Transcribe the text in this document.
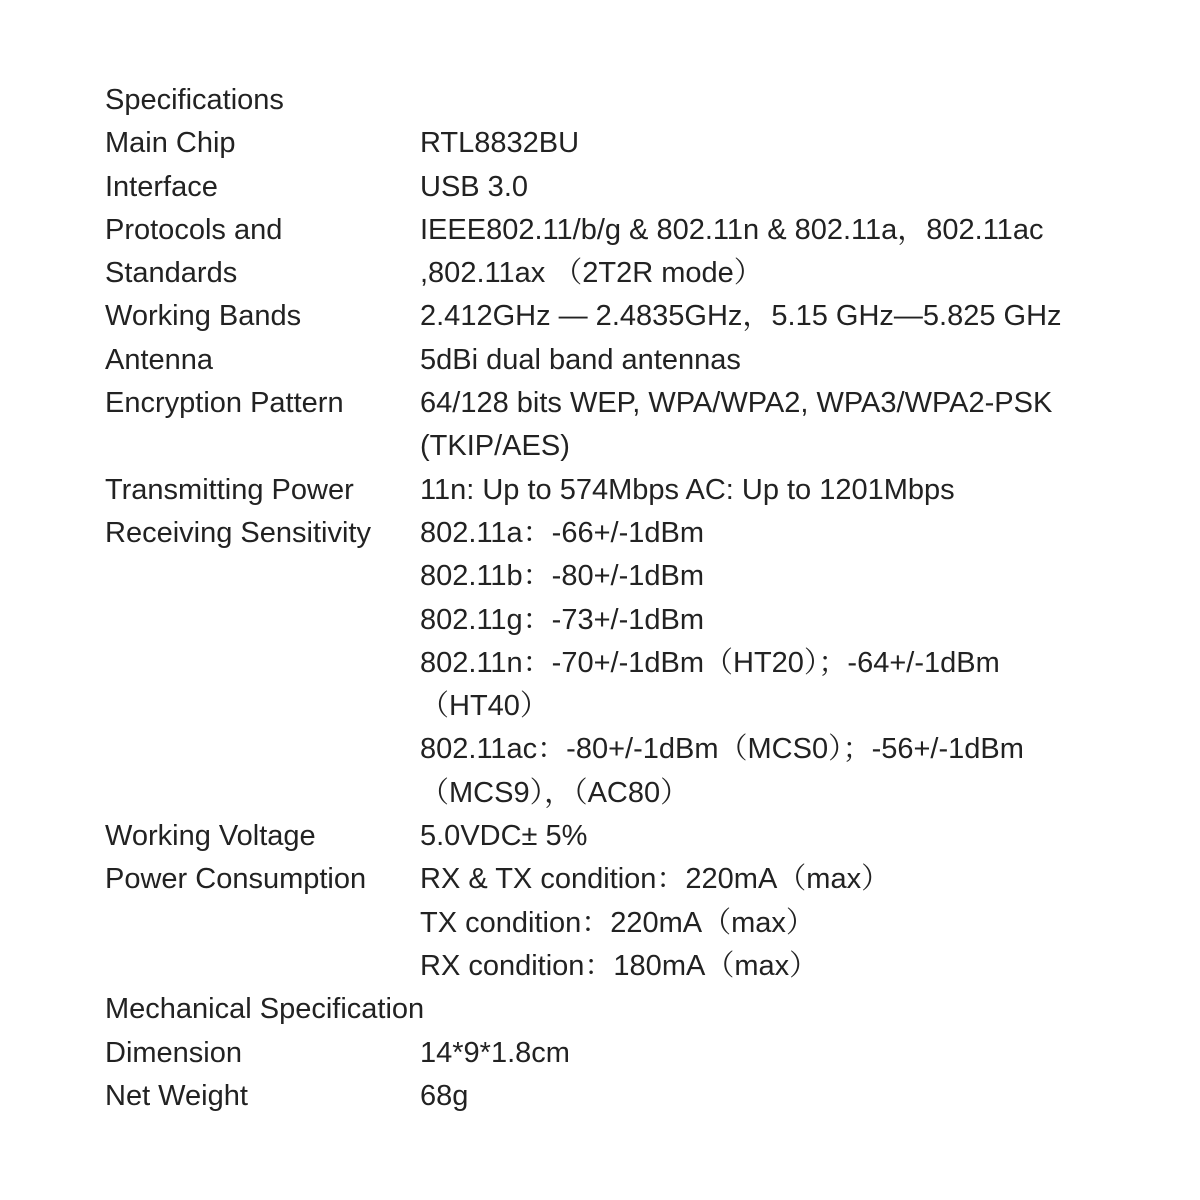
Specifications
Main Chip	RTL8832BU
Interface	USB 3.0
Protocols and	IEEE802.11/b/g & 802.11n & 802.11a，802.11ac
Standards	,802.11ax （2T2R mode）
Working Bands	2.412GHz — 2.4835GHz，5.15 GHz—5.825 GHz
Antenna	5dBi dual band antennas
Encryption Pattern	64/128 bits WEP, WPA/WPA2, WPA3/WPA2-PSK
(TKIP/AES)
Transmitting Power	11n: Up to 574Mbps AC: Up to 1201Mbps
Receiving Sensitivity	802.11a：-66+/-1dBm
802.11b：-80+/-1dBm
802.11g：-73+/-1dBm
802.11n：-70+/-1dBm（HT20）；-64+/-1dBm
（HT40）
802.11ac：-80+/-1dBm（MCS0）；-56+/-1dBm
（MCS9），（AC80）
Working Voltage	5.0VDC± 5%
Power Consumption	RX & TX condition：220mA（max）
TX condition：220mA（max）
RX condition：180mA（max）
Mechanical Specification
Dimension	14*9*1.8cm
Net Weight	68g
